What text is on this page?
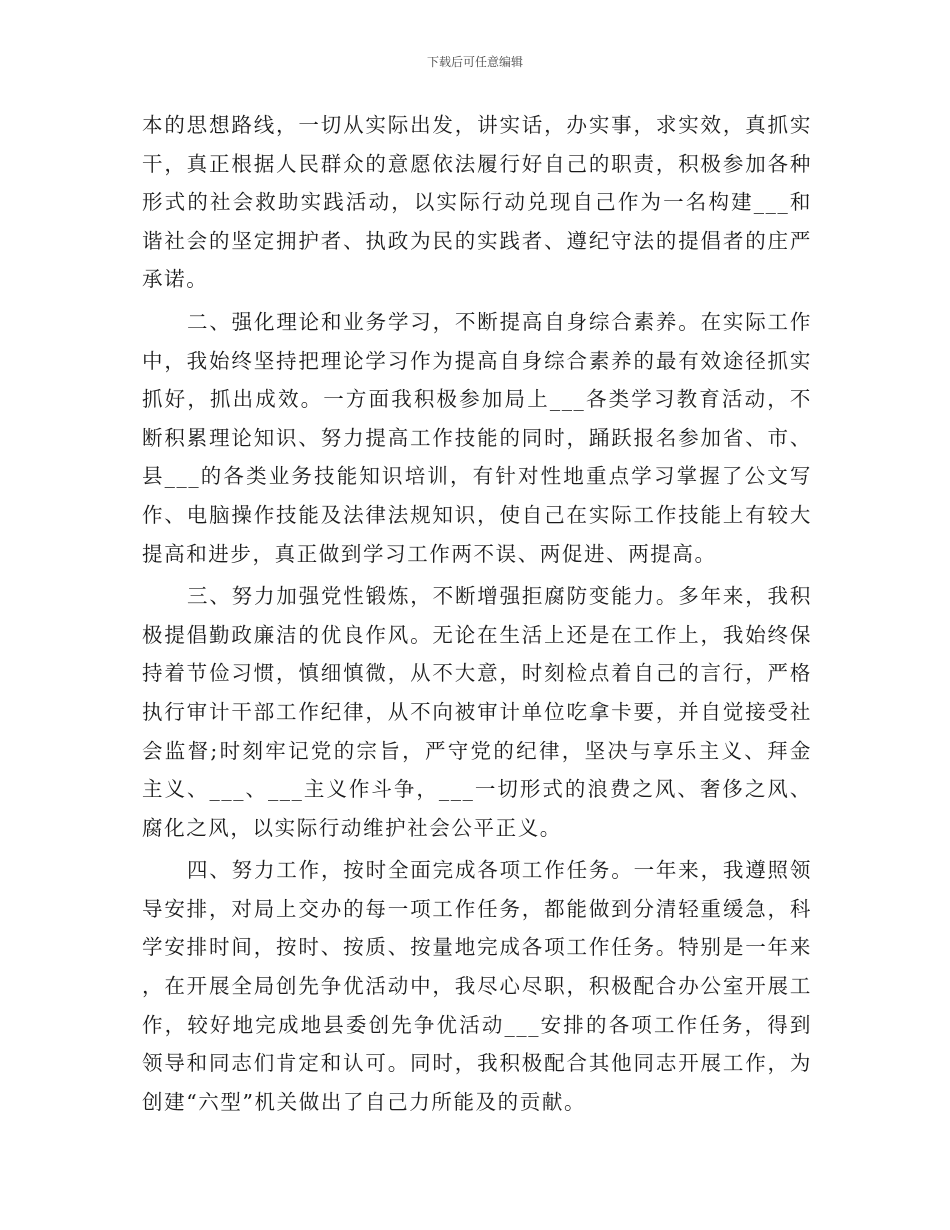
下载后可任意编辑

本的思想路线，一切从实际出发，讲实话，办实事，求实效，真抓实干，真正根据人民群众的意愿依法履行好自己的职责，积极参加各种形式的社会救助实践活动，以实际行动兑现自己作为一名构建___和谐社会的坚定拥护者、执政为民的实践者、遵纪守法的提倡者的庄严承诺。

二、强化理论和业务学习，不断提高自身综合素养。在实际工作中，我始终坚持把理论学习作为提高自身综合素养的最有效途径抓实抓好，抓出成效。一方面我积极参加局上___各类学习教育活动，不断积累理论知识、努力提高工作技能的同时，踊跃报名参加省、市、县___的各类业务技能知识培训，有针对性地重点学习掌握了公文写作、电脑操作技能及法律法规知识，使自己在实际工作技能上有较大提高和进步，真正做到学习工作两不误、两促进、两提高。

三、努力加强党性锻炼，不断增强拒腐防变能力。多年来，我积极提倡勤政廉洁的优良作风。无论在生活上还是在工作上，我始终保持着节俭习惯，慎细慎微，从不大意，时刻检点着自己的言行，严格执行审计干部工作纪律，从不向被审计单位吃拿卡要，并自觉接受社会监督;时刻牢记党的宗旨，严守党的纪律，坚决与享乐主义、拜金主义、___、___主义作斗争，___一切形式的浪费之风、奢侈之风、腐化之风，以实际行动维护社会公平正义。

四、努力工作，按时全面完成各项工作任务。一年来，我遵照领导安排，对局上交办的每一项工作任务，都能做到分清轻重缓急，科学安排时间，按时、按质、按量地完成各项工作任务。特别是一年来，在开展全局创先争优活动中，我尽心尽职，积极配合办公室开展工作，较好地完成地县委创先争优活动___安排的各项工作任务，得到领导和同志们肯定和认可。同时，我积极配合其他同志开展工作，为创建“六型”机关做出了自己力所能及的贡献。
